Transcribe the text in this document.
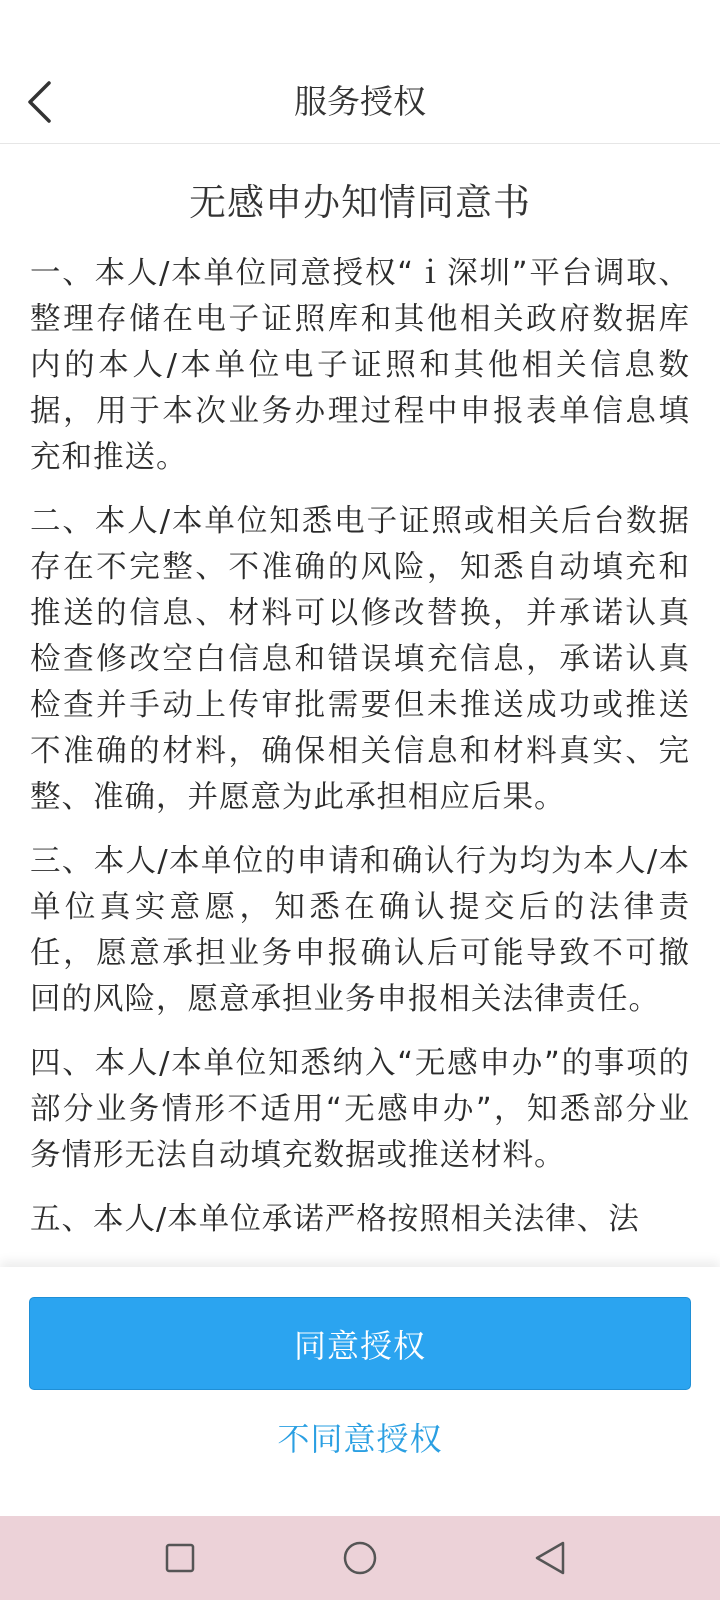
服务授权
无感申办知情同意书

一、本人/本单位同意授权“ｉ深圳”平台调取、整理存储在电子证照库和其他相关政府数据库内的本人/本单位电子证照和其他相关信息数据，用于本次业务办理过程中申报表单信息填充和推送。

二、本人/本单位知悉电子证照或相关后台数据存在不完整、不准确的风险，知悉自动填充和推送的信息、材料可以修改替换，并承诺认真检查修改空白信息和错误填充信息，承诺认真检查并手动上传审批需要但未推送成功或推送不准确的材料，确保相关信息和材料真实、完整、准确，并愿意为此承担相应后果。

三、本人/本单位的申请和确认行为均为本人/本单位真实意愿，知悉在确认提交后的法律责任，愿意承担业务申报确认后可能导致不可撤回的风险，愿意承担业务申报相关法律责任。

四、本人/本单位知悉纳入“无感申办”的事项的部分业务情形不适用“无感申办”，知悉部分业务情形无法自动填充数据或推送材料。

五、本人/本单位承诺严格按照相关法律、法

同意授权
不同意授权
